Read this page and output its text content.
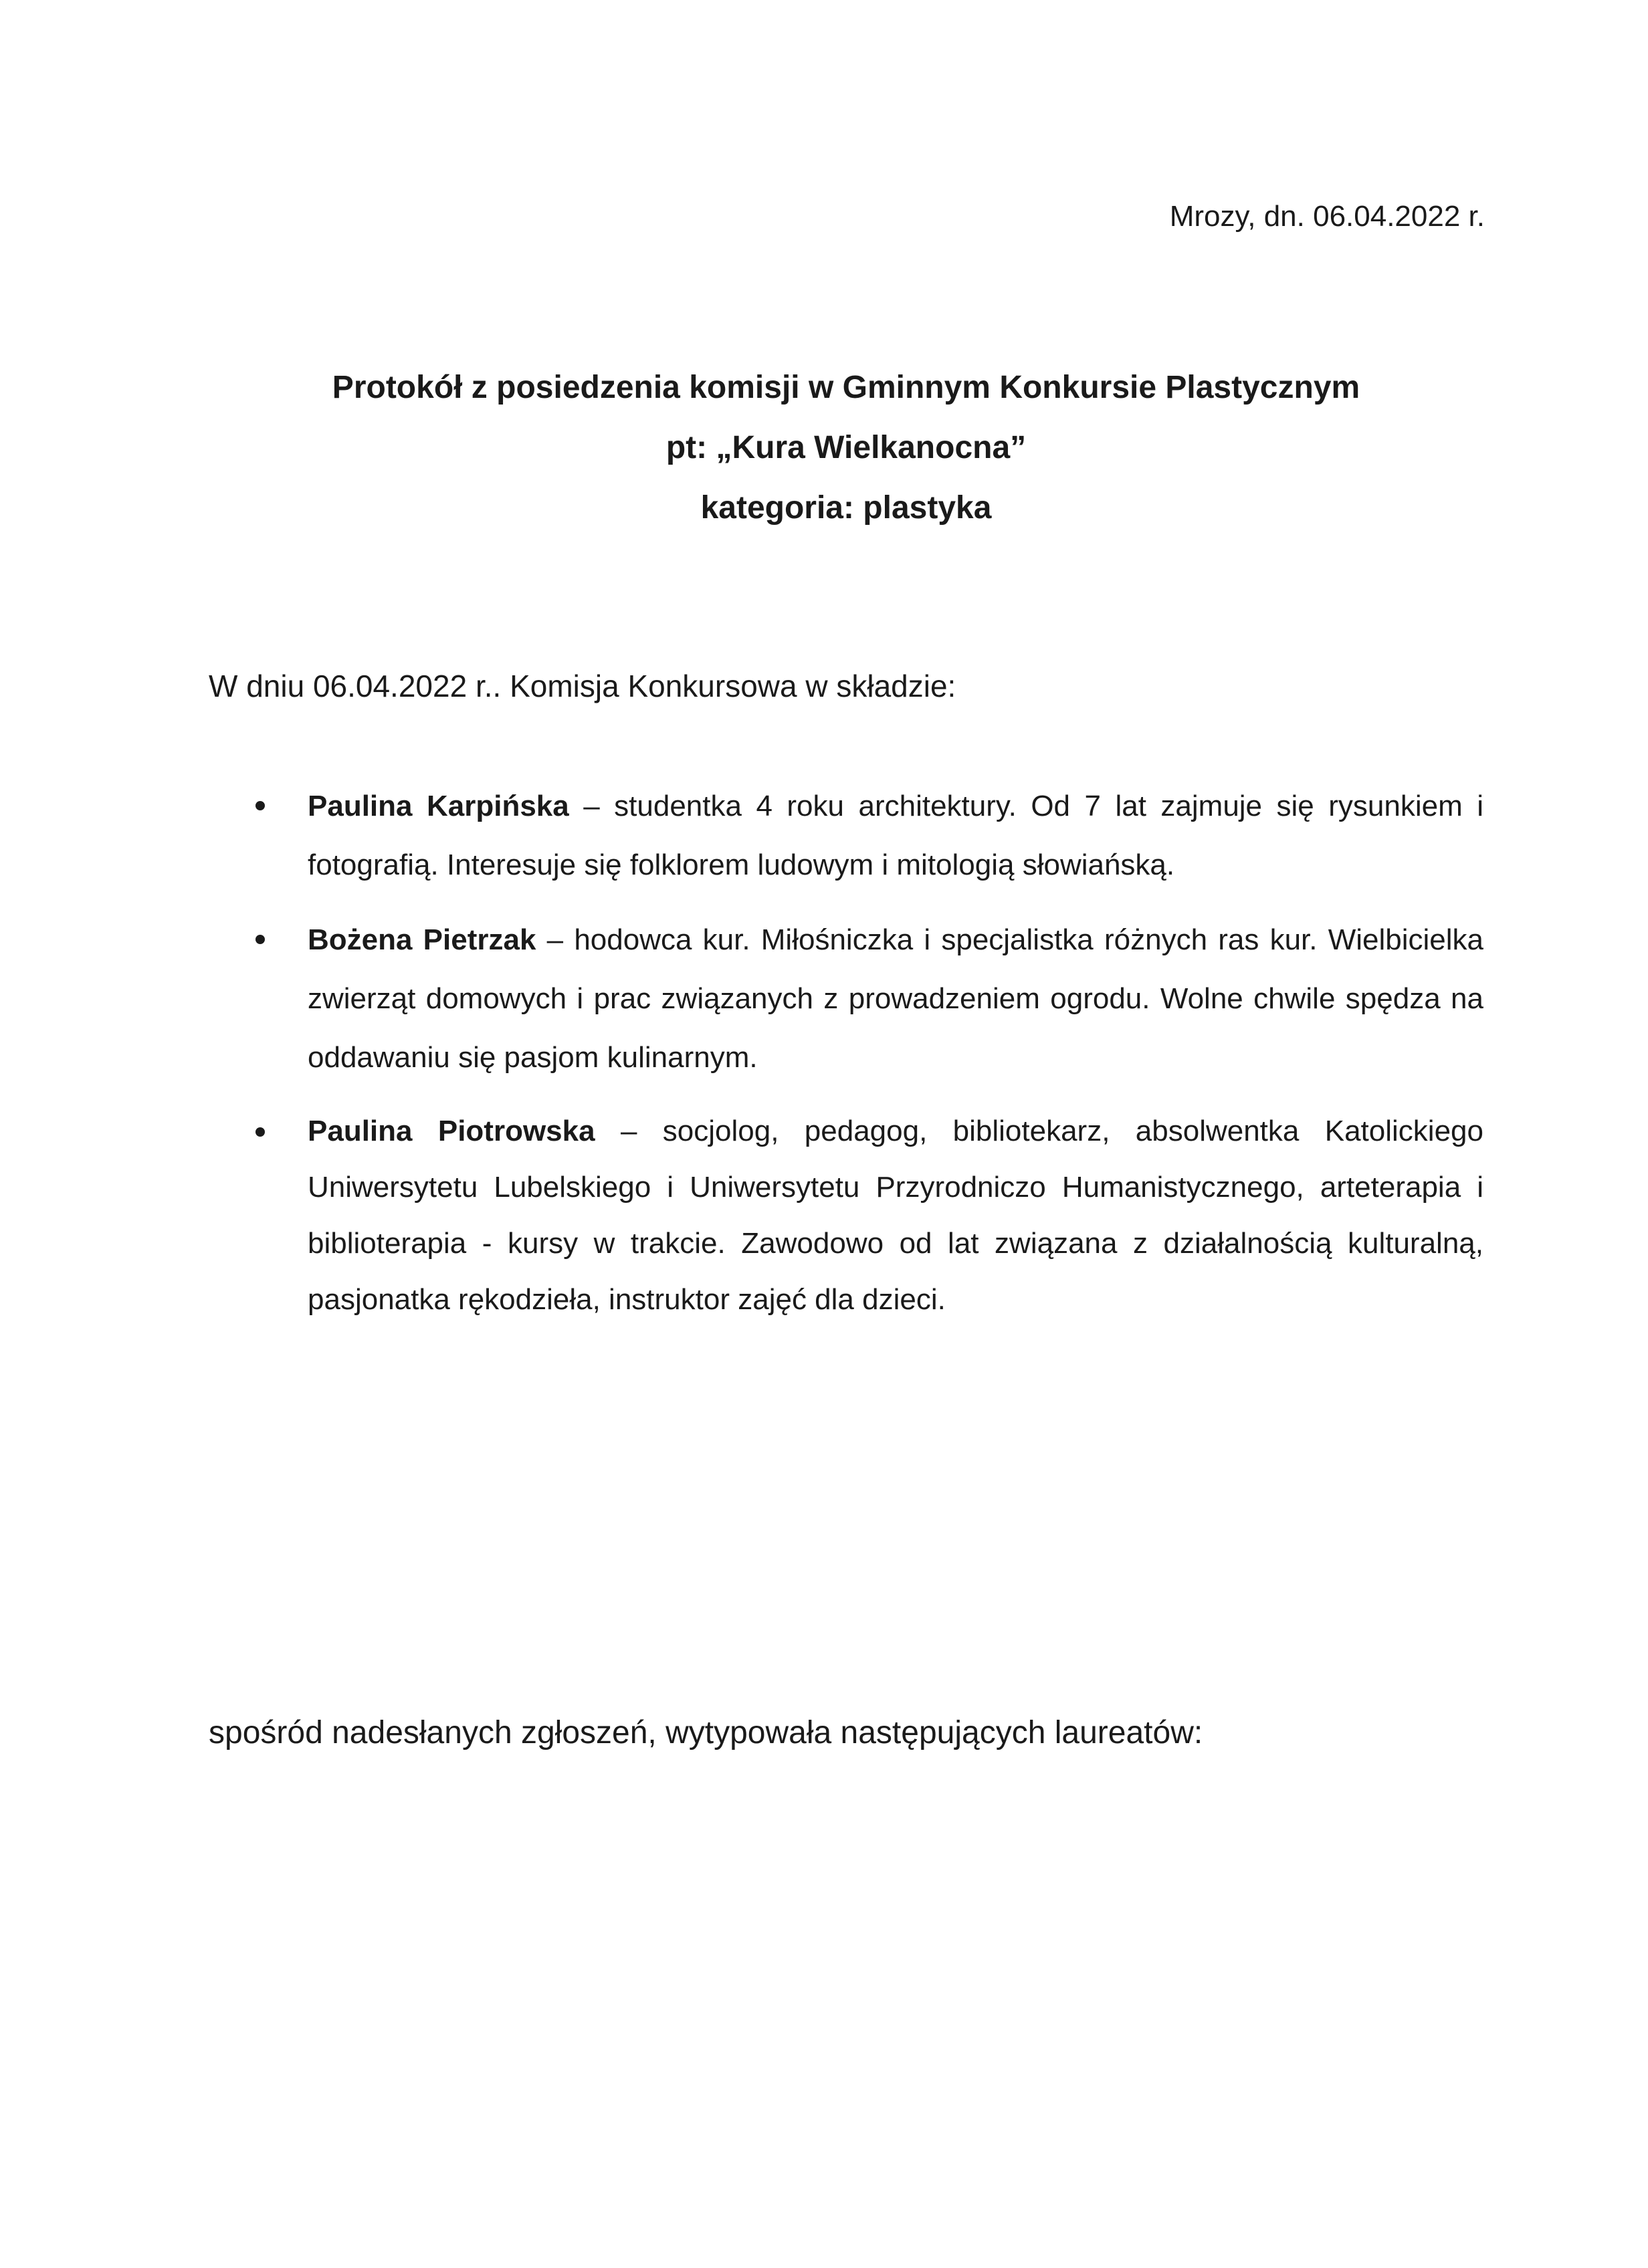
Mrozy, dn. 06.04.2022 r.
Protokół z posiedzenia komisji w Gminnym Konkursie Plastycznym
pt: „Kura Wielkanocna”
kategoria: plastyka
W dniu 06.04.2022 r.. Komisja Konkursowa w składzie:
Paulina Karpińska – studentka 4 roku architektury. Od 7 lat zajmuje się rysunkiem i fotografią. Interesuje się folklorem ludowym i mitologią słowiańską.
Bożena Pietrzak – hodowca kur. Miłośniczka i specjalistka różnych ras kur. Wielbicielka zwierząt domowych i prac związanych z prowadzeniem ogrodu. Wolne chwile spędza na oddawaniu się pasjom kulinarnym.
Paulina Piotrowska – socjolog, pedagog, bibliotekarz, absolwentka Katolickiego Uniwersytetu Lubelskiego i Uniwersytetu Przyrodniczo Humanistycznego, arteterapia i biblioterapia - kursy w trakcie. Zawodowo od lat związana z działalnością kulturalną, pasjonatka rękodzieła, instruktor zajęć dla dzieci.
spośród nadesłanych zgłoszeń, wytypowała następujących laureatów:
